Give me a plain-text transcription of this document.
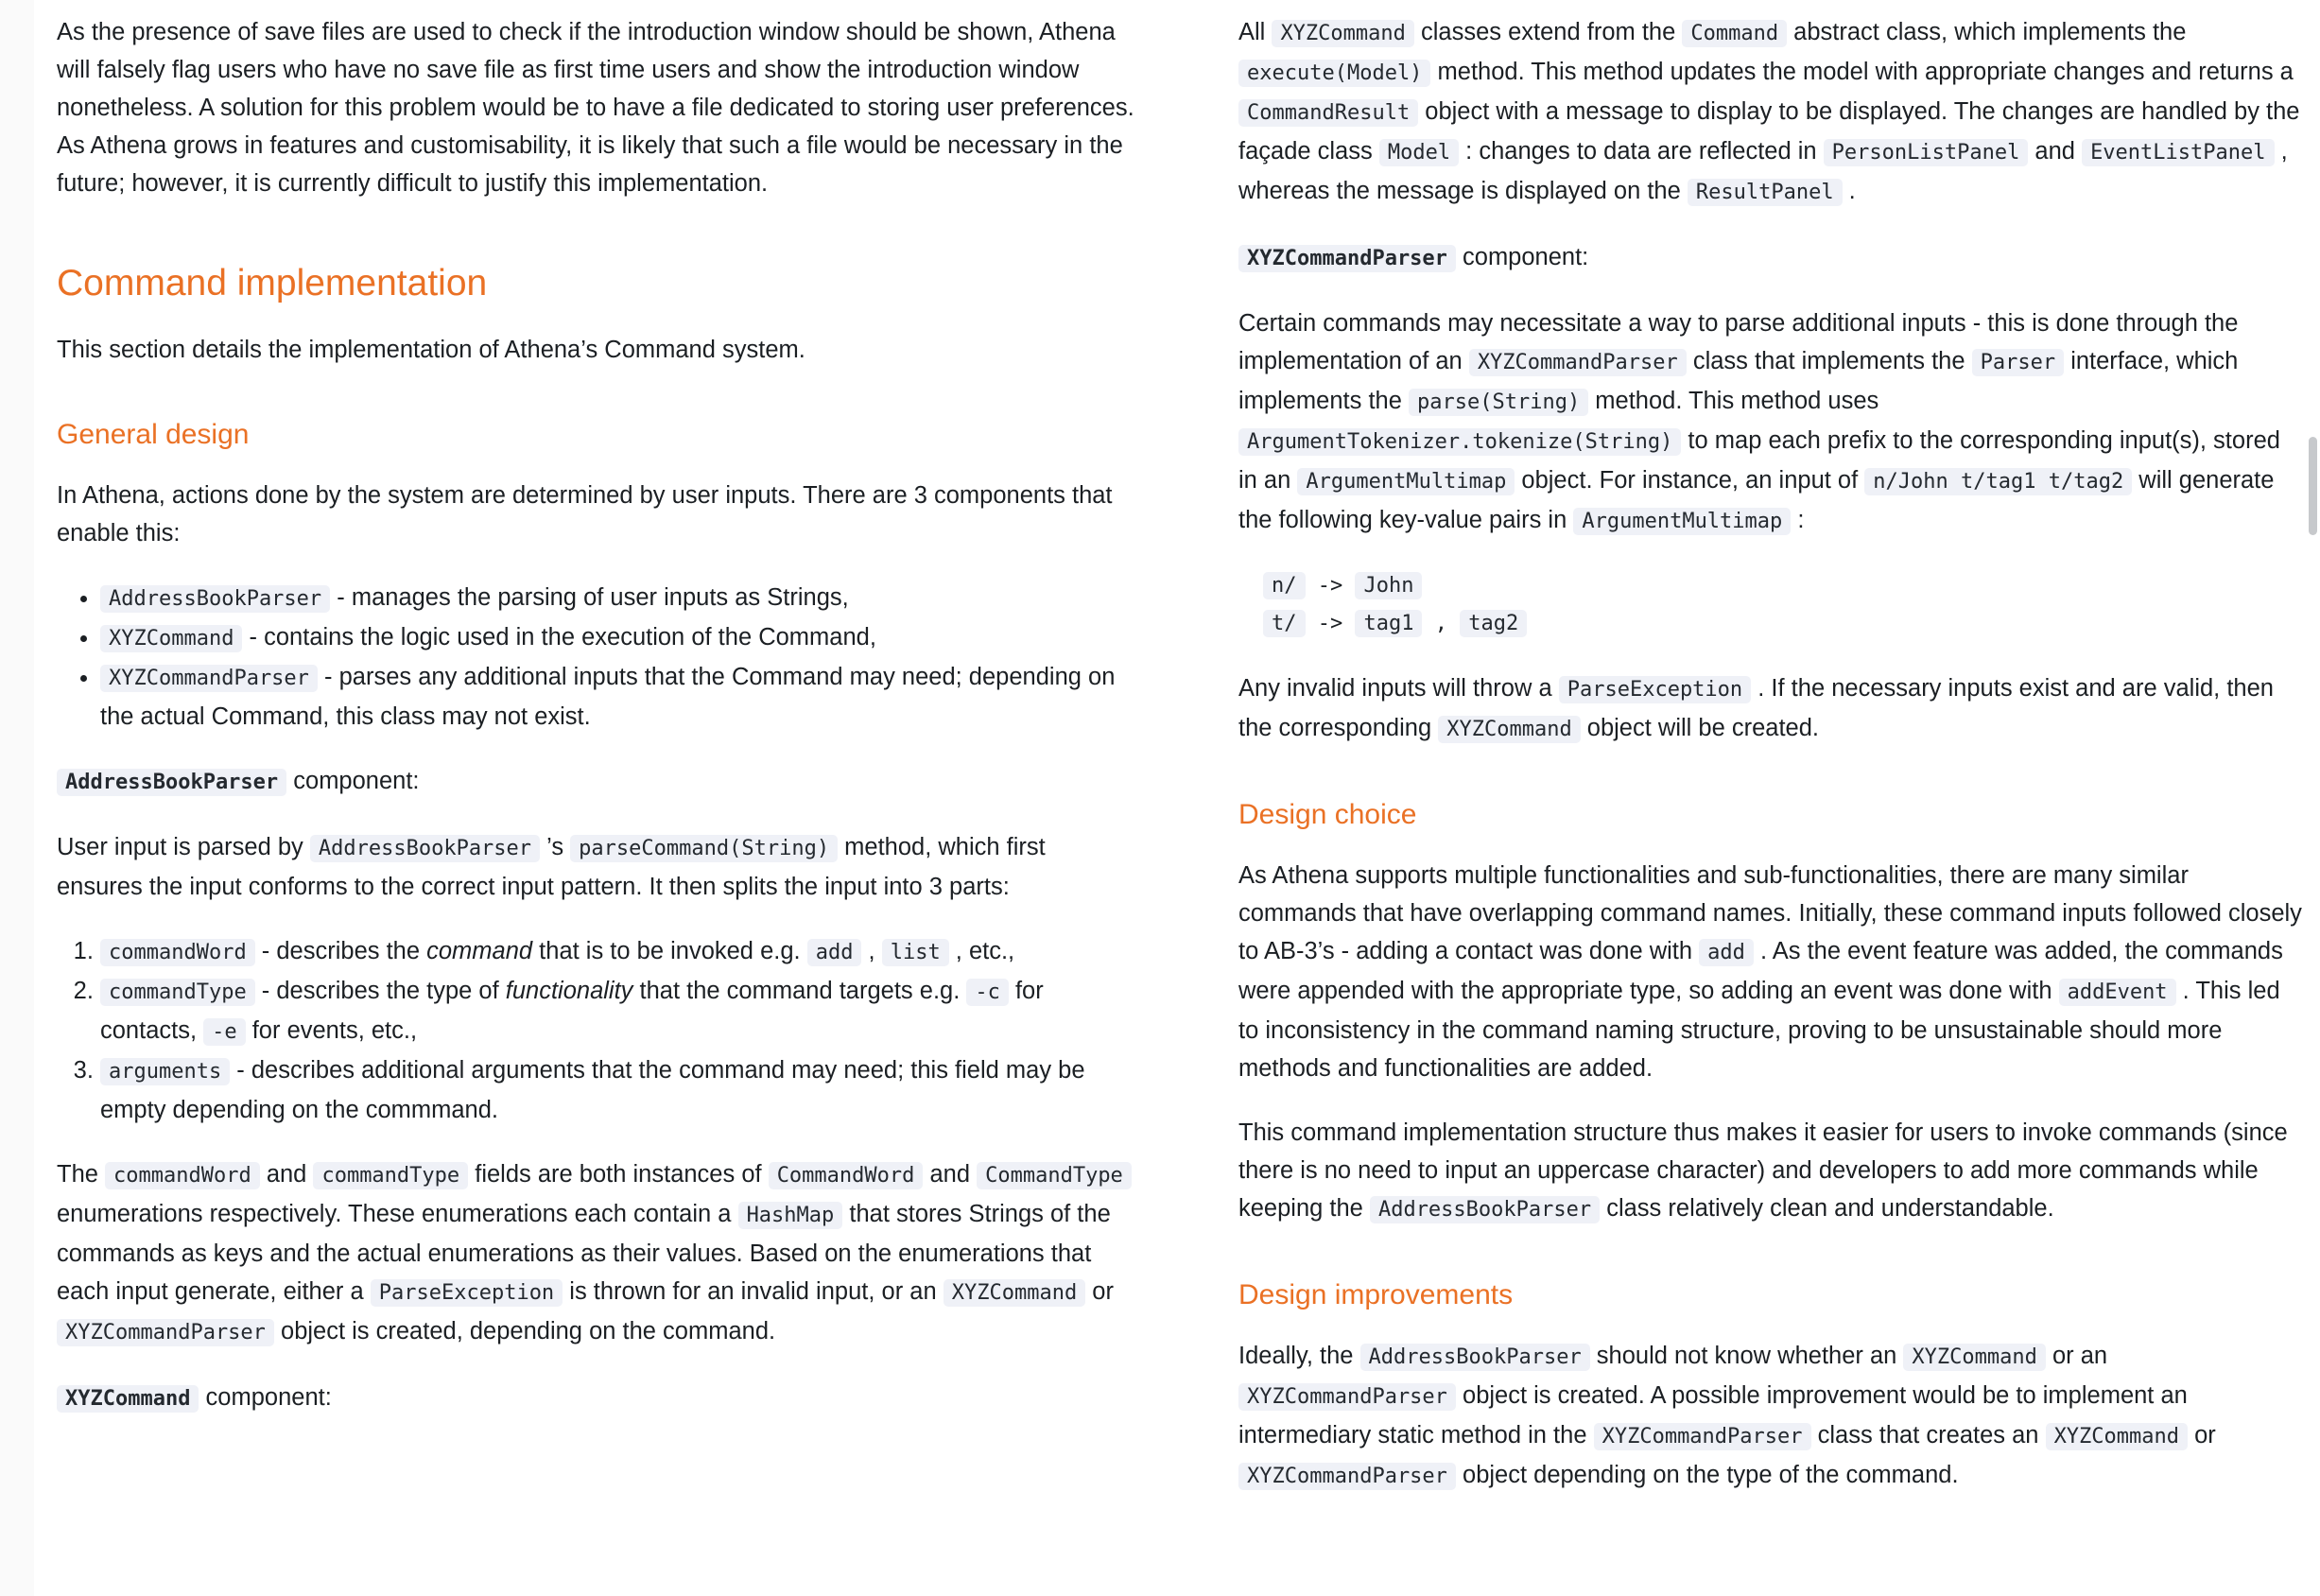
As the presence of save files are used to check if the introduction window should be shown, Athena will falsely flag users who have no save file as first time users and show the introduction window nonetheless. A solution for this problem would be to have a file dedicated to storing user preferences. As Athena grows in features and customisability, it is likely that such a file would be necessary in the future; however, it is currently difficult to justify this implementation.

Command implementation

This section details the implementation of Athena’s Command system.

General design

In Athena, actions done by the system are determined by user inputs. There are 3 components that enable this:

• AddressBookParser - manages the parsing of user inputs as Strings,
• XYZCommand - contains the logic used in the execution of the Command,
• XYZCommandParser - parses any additional inputs that the Command may need; depending on the actual Command, this class may not exist.

AddressBookParser component:

User input is parsed by AddressBookParser ’s parseCommand(String) method, which first ensures the input conforms to the correct input pattern. It then splits the input into 3 parts:

1. commandWord - describes the command that is to be invoked e.g. add , list , etc.,
2. commandType - describes the type of functionality that the command targets e.g. -c for contacts, -e for events, etc.,
3. arguments - describes additional arguments that the command may need; this field may be empty depending on the commmand.

The commandWord and commandType fields are both instances of CommandWord and CommandType enumerations respectively. These enumerations each contain a HashMap that stores Strings of the commands as keys and the actual enumerations as their values. Based on the enumerations that each input generate, either a ParseException is thrown for an invalid input, or an XYZCommand or XYZCommandParser object is created, depending on the command.

XYZCommand component:

All XYZCommand classes extend from the Command abstract class, which implements the execute(Model) method. This method updates the model with appropriate changes and returns a CommandResult object with a message to display to be displayed. The changes are handled by the façade class Model : changes to data are reflected in PersonListPanel and EventListPanel , whereas the message is displayed on the ResultPanel .

XYZCommandParser component:

Certain commands may necessitate a way to parse additional inputs - this is done through the implementation of an XYZCommandParser class that implements the Parser interface, which implements the parse(String) method. This method uses ArgumentTokenizer.tokenize(String) to map each prefix to the corresponding input(s), stored in an ArgumentMultimap object. For instance, an input of n/John t/tag1 t/tag2 will generate the following key-value pairs in ArgumentMultimap :

n/ -> John
t/ -> tag1 , tag2

Any invalid inputs will throw a ParseException . If the necessary inputs exist and are valid, then the corresponding XYZCommand object will be created.

Design choice

As Athena supports multiple functionalities and sub-functionalities, there are many similar commands that have overlapping command names. Initially, these command inputs followed closely to AB-3’s - adding a contact was done with add . As the event feature was added, the commands were appended with the appropriate type, so adding an event was done with addEvent . This led to inconsistency in the command naming structure, proving to be unsustainable should more methods and functionalities are added.

This command implementation structure thus makes it easier for users to invoke commands (since there is no need to input an uppercase character) and developers to add more commands while keeping the AddressBookParser class relatively clean and understandable.

Design improvements

Ideally, the AddressBookParser should not know whether an XYZCommand or an XYZCommandParser object is created. A possible improvement would be to implement an intermediary static method in the XYZCommandParser class that creates an XYZCommand or XYZCommandParser object depending on the type of the command.
